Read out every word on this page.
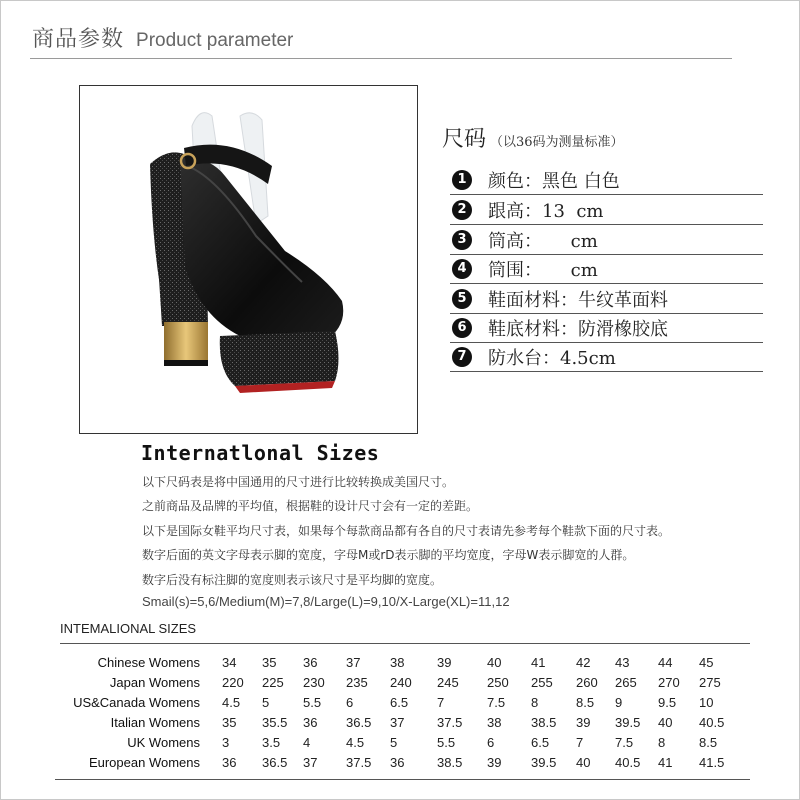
商品参数 Product parameter
尺码 （以36码为测量标准）
1	颜色：黑色 白色
2	跟高：13  cm
3	筒高：     cm
4	筒围：     cm
5	鞋面材料：牛纹革面料
6	鞋底材料：防滑橡胶底
7	防水台：4.5cm
Internatlonal Sizes
以下尺码表是将中国通用的尺寸进行比较转换成美国尺寸。
之前商品及品牌的平均值，根据鞋的设计尺寸会有一定的差距。
以下是国际女鞋平均尺寸表，如果每个每款商品都有各自的尺寸表请先参考每个鞋款下面的尺寸表。
数字后面的英文字母表示脚的宽度，字母M或rD表示脚的平均宽度，字母W表示脚宽的人群。
数字后没有标注脚的宽度则表示该尺寸是平均脚的宽度。
Smail(s)=5,6/Medium(M)=7,8/Large(L)=9,10/X-Large(XL)=11,12
INTEMALIONAL SIZES
Chinese Womens 34 35 36 37 38	39	40 41 42 43 44 45
Japan Womens 220 225 230 235 240 245 250 255 260 265 270 275
US&Canada Womens 4.5 5	5.5 6	6.5 7	7.5 8	8.5 9	9.5 10
Italian Womens 35 35.5 36 36.5 37	37.5 38 38.5 39 39.5 40 40.5
UK Womens 3	3.5 4	4.5 5	5.5 6	6.5 7 7.5 8	8.5
European Womens 36 36.5 37 37.5 36	38.5 39 39.5 40 40.5 41 41.5
